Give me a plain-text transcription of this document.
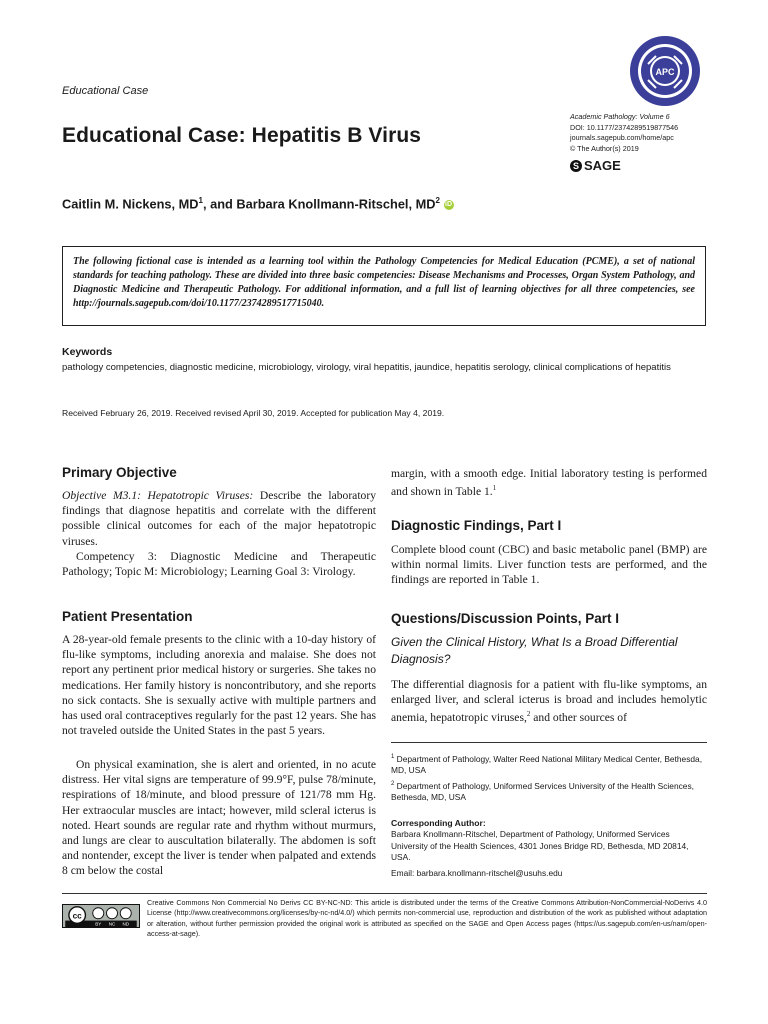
Educational Case
Educational Case: Hepatitis B Virus
APC
Academic Pathology: Volume 6
DOI: 10.1177/2374289519877546
journals.sagepub.com/home/apc
© The Author(s) 2019
S SAGE
Caitlin M. Nickens, $MD^1$, and Barbara Knollmann-Ritschel, $MD^2$ iD

The following fictional case is intended as a learning tool within the Pathology Competencies for Medical Education (PCME), a set of national standards for teaching pathology. These are divided into three basic competencies: Disease Mechanisms and Processes, Organ System Pathology, and Diagnostic Medicine and Therapeutic Pathology. For additional information, and a full list of learning objectives for all three competencies, see http://journals.sagepub.com/doi/10.1177/2374289517715040.

Keywords
pathology competencies, diagnostic medicine, microbiology, virology, viral hepatitis, jaundice, hepatitis serology, clinical complications of hepatitis
Received February 26, 2019. Received revised April 30, 2019. Accepted for publication May 4, 2019.
Primary Objective

Objective M3.1: Hepatotropic Viruses: Describe the laboratory findings that diagnose hepatitis and correlate with the different possible clinical outcomes for each of the major hepatotropic viruses.

Competency 3: Diagnostic Medicine and Therapeutic Pathology; Topic M: Microbiology; Learning Goal 3: Virology.

Patient Presentation

A 28-year-old female presents to the clinic with a 10-day history of flu-like symptoms, including anorexia and malaise. She does not report any pertinent prior medical history or surgeries. She takes no medications. Her family history is noncontributory, and she reports no sick contacts. She is sexually active with multiple partners and has used oral contraceptives regularly for the past 12 years. She has not traveled outside the United States in the past 5 years.

On physical examination, she is alert and oriented, in no acute distress. Her vital signs are temperature of 99.9°F, pulse 78/minute, respirations of 18/minute, and blood pressure of 121/78 mm Hg. Her extraocular muscles are intact; however, mild scleral icterus is noted. Heart sounds are regular rate and rhythm without murmurs, and lungs are clear to auscultation bilaterally. The abdomen is soft and nontender, except the liver is tender when palpated and extends 8 cm below the costal

margin, with a smooth edge. Initial laboratory testing is performed and shown in Table 1.$^1$

Diagnostic Findings, Part I

Complete blood count (CBC) and basic metabolic panel (BMP) are within normal limits. Liver function tests are performed, and the findings are reported in Table 1.

Questions/Discussion Points, Part I

Given the Clinical History, What Is a Broad Differential Diagnosis?

The differential diagnosis for a patient with flu-like symptoms, an enlarged liver, and scleral icterus is broad and includes hemolytic anemia, hepatotropic viruses,$^2$ and other sources of

$^1$ Department of Pathology, Walter Reed National Military Medical Center, Bethesda, MD, USA
$^2$ Department of Pathology, Uniformed Services University of the Health Sciences, Bethesda, MD, USA
Corresponding Author:
Barbara Knollmann-Ritschel, Department of Pathology, Uniformed Services University of the Health Sciences, 4301 Jones Bridge RD, Bethesda, MD 20814, USA.
Email: barbara.knollmann-ritschel@usuhs.edu
cc
BY NC ND
Creative Commons Non Commercial No Derivs CC BY-NC-ND: This article is distributed under the terms of the Creative Commons Attribution-NonCommercial-NoDerivs 4.0 License (http://www.creativecommons.org/licenses/by-nc-nd/4.0/) which permits non-commercial use, reproduction and distribution of the work as published without adaptation or alteration, without further permission provided the original work is attributed as specified on the SAGE and Open Access pages (https://us.sagepub.com/en-us/nam/open-access-at-sage).
